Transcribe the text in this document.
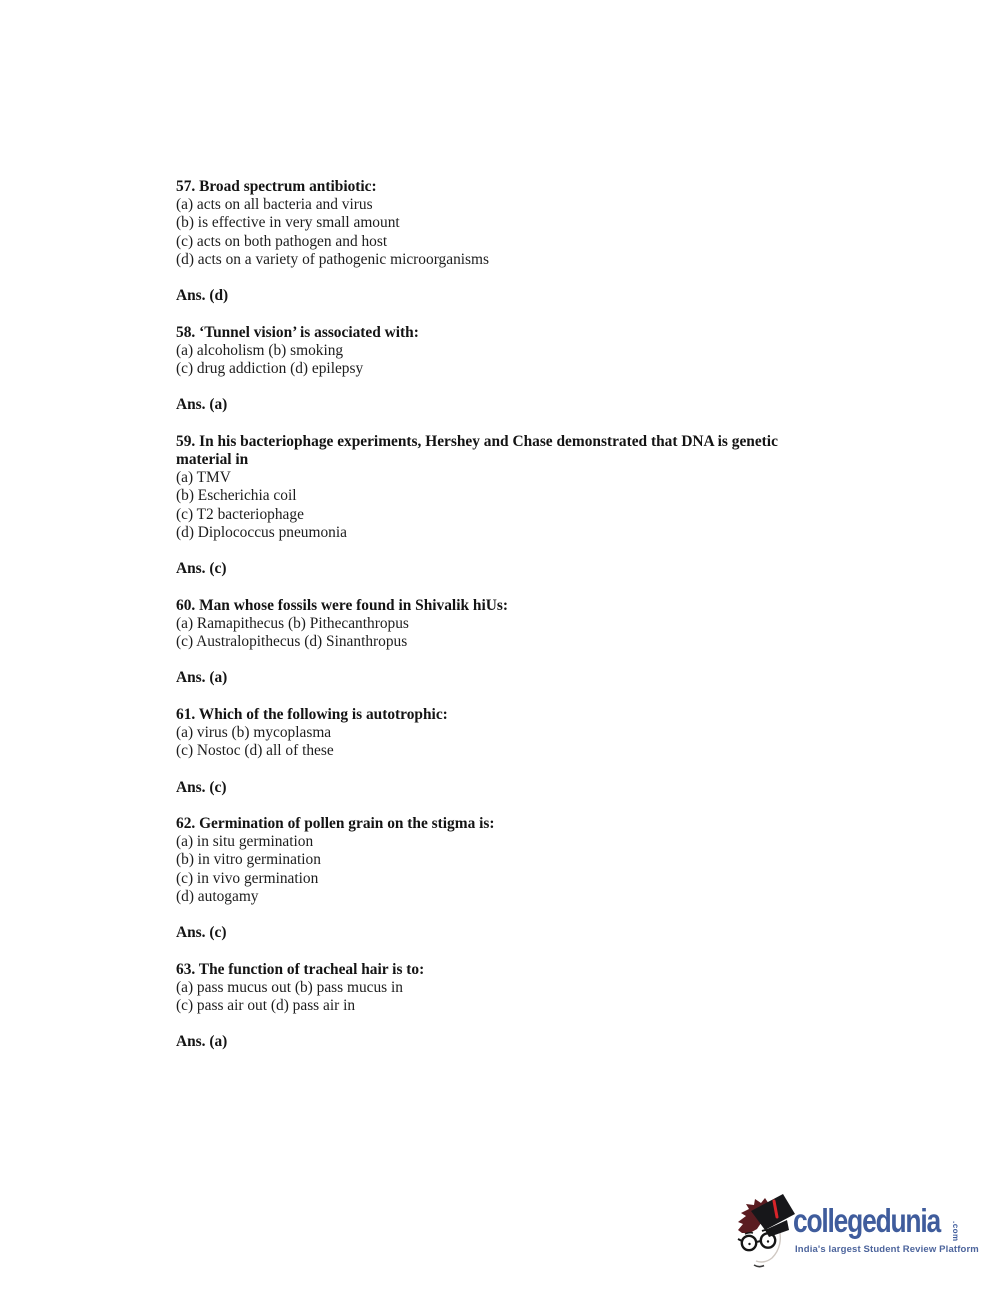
57. Broad spectrum antibiotic:
(a) acts on all bacteria and virus
(b) is effective in very small amount
(c) acts on both pathogen and host
(d) acts on a variety of pathogenic microorganisms
Ans. (d)
58. ‘Tunnel vision’ is associated with:
(a) alcoholism (b) smoking
(c) drug addiction (d) epilepsy
Ans. (a)
59. In his bacteriophage experiments, Hershey and Chase demonstrated that DNA is genetic
material in
(a) TMV
(b) Escherichia coil
(c) T2 bacteriophage
(d) Diplococcus pneumonia
Ans. (c)
60. Man whose fossils were found in Shivalik hiUs:
(a) Ramapithecus (b) Pithecanthropus
(c) Australopithecus (d) Sinanthropus
Ans. (a)
61. Which of the following is autotrophic:
(a) virus (b) mycoplasma
(c) Nostoc (d) all of these
Ans. (c)
62. Germination of pollen grain on the stigma is:
(a) in situ germination
(b) in vitro germination
(c) in vivo germination
(d) autogamy
Ans. (c)
63. The function of tracheal hair is to:
(a) pass mucus out (b) pass mucus in
(c) pass air out (d) pass air in
Ans. (a)
collegedunia .com
India's largest Student Review Platform
